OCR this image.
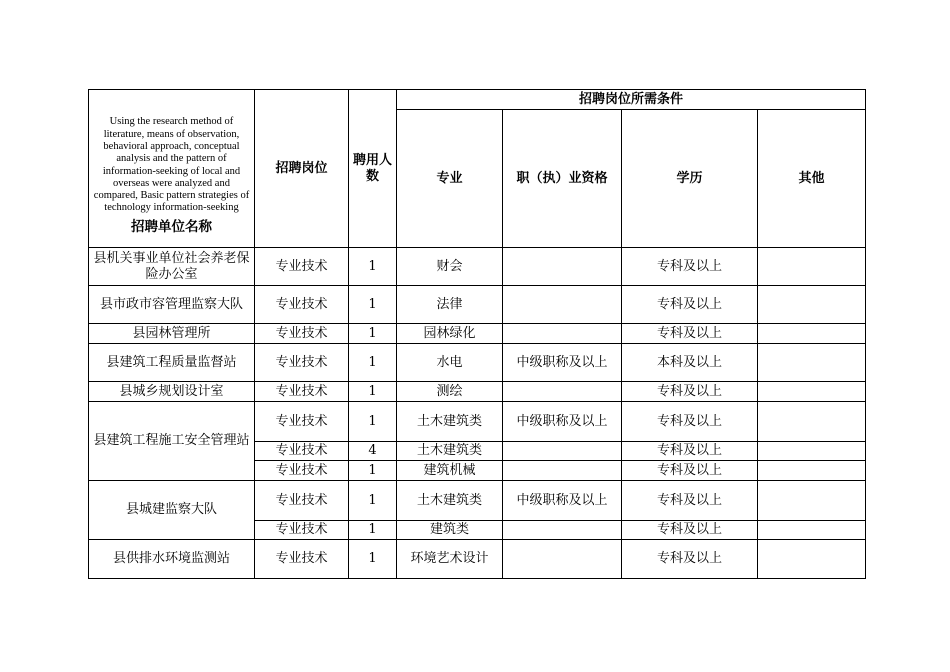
Using the research method of literature, means of observation, behavioral approach, conceptual analysis and the pattern of information-seeking of local and overseas were analyzed and compared, Basic pattern strategies of technology information-seeking
招聘单位名称	招聘岗位	聘用人数	招聘岗位所需条件			
			专业	职（执）业资格	学历	其他
县机关事业单位社会养老保险办公室	专业技术	1	财会		专科及以上	
县市政市容管理监察大队	专业技术	1	法律		专科及以上	
县园林管理所	专业技术	1	园林绿化		专科及以上	
县建筑工程质量监督站	专业技术	1	水电	中级职称及以上	本科及以上	
县城乡规划设计室	专业技术	1	测绘		专科及以上	
县建筑工程施工安全管理站	专业技术	1	土木建筑类	中级职称及以上	专科及以上	
	专业技术	4	土木建筑类		专科及以上	
	专业技术	1	建筑机械		专科及以上	
县城建监察大队	专业技术	1	土木建筑类	中级职称及以上	专科及以上	
	专业技术	1	建筑类		专科及以上	
县供排水环境监测站	专业技术	1	环境艺术设计		专科及以上	
